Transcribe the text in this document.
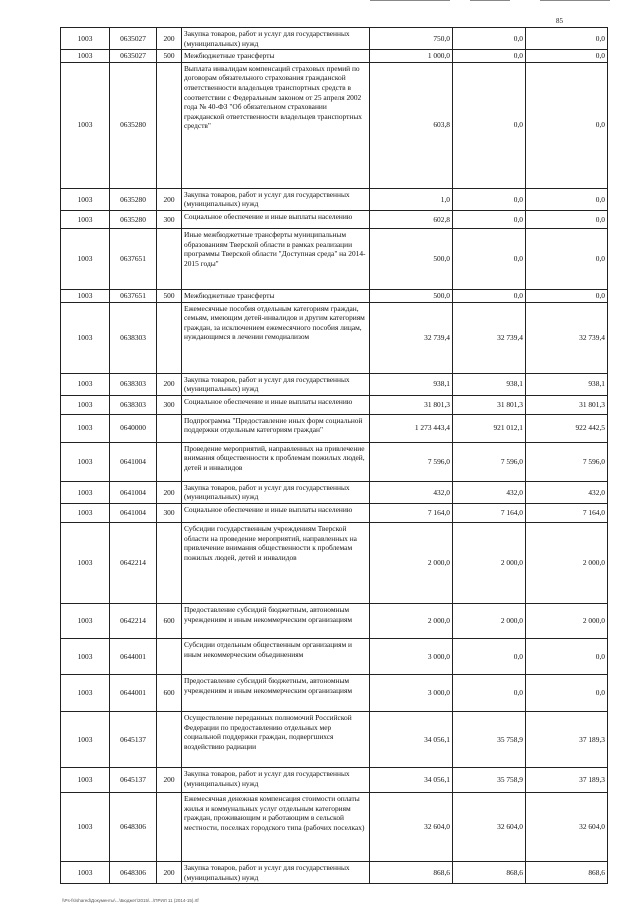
85
1003	0635027	200	Закупка товаров, работ и услуг для государственных (муниципальных) нужд	750,0	0,0	0,0
1003	0635027	500	Межбюджетные трансферты	1 000,0	0,0	0,0
1003	0635280		Выплата инвалидам компенсаций страховых премий по договорам обязательного страхования гражданской ответственности владельцев транспортных средств в соответствии с Федеральным законом от 25 апреля 2002 года № 40-ФЗ "Об обязательном страховании гражданской ответственности владельцев транспортных средств"	603,8	0,0	0,0
1003	0635280	200	Закупка товаров, работ и услуг для государственных (муниципальных) нужд	1,0	0,0	0,0
1003	0635280	300	Социальное обеспечение и иные выплаты населению	602,8	0,0	0,0
1003	0637651		Иные межбюджетные трансферты муниципальным образованиям Тверской области в рамках реализации программы Тверской области "Доступная среда" на 2014-2015 годы"	500,0	0,0	0,0
1003	0637651	500	Межбюджетные трансферты	500,0	0,0	0,0
1003	0638303		Ежемесячные пособия отдельным категориям граждан, семьям, имеющим детей-инвалидов и другим категориям граждан, за исключением ежемесячного пособия лицам, нуждающимся в лечении гемодиализом	32 739,4	32 739,4	32 739,4
1003	0638303	200	Закупка товаров, работ и услуг для государственных (муниципальных) нужд	938,1	938,1	938,1
1003	0638303	300	Социальное обеспечение и иные выплаты населению	31 801,3	31 801,3	31 801,3
1003	0640000		Подпрограмма "Предоставление иных форм социальной поддержки отдельным категориям граждан"	1 273 443,4	921 012,1	922 442,5
1003	0641004		Проведение мероприятий, направленных на привлечение внимания общественности к проблемам пожилых людей, детей и инвалидов	7 596,0	7 596,0	7 596,0
1003	0641004	200	Закупка товаров, работ и услуг для государственных (муниципальных) нужд	432,0	432,0	432,0
1003	0641004	300	Социальное обеспечение и иные выплаты населению	7 164,0	7 164,0	7 164,0
1003	0642214		Субсидии государственным учреждениям Тверской области на проведение мероприятий, направленных на привлечение внимания общественности к проблемам пожилых людей, детей и инвалидов	2 000,0	2 000,0	2 000,0
1003	0642214	600	Предоставление субсидий бюджетным, автономным учреждениям и иным некоммерческим организациям	2 000,0	2 000,0	2 000,0
1003	0644001		Субсидии отдельным общественным организациям и иным некоммерческим объединениям	3 000,0	0,0	0,0
1003	0644001	600	Предоставление субсидий бюджетным, автономным учреждениям и иным некоммерческим организациям	3 000,0	0,0	0,0
1003	0645137		Осуществление переданных полномочий Российской Федерации по предоставлению отдельных мер социальной поддержки граждан, подвергшихся воздействию радиации	34 056,1	35 758,9	37 189,3
1003	0645137	200	Закупка товаров, работ и услуг для государственных (муниципальных) нужд	34 056,1	35 758,9	37 189,3
1003	0648306		Ежемесячная денежная компенсация стоимости оплаты жилья и коммунальных услуг отдельным категориям граждан, проживающим и работающим в сельской местности, поселках городского типа (рабочих поселках)	32 604,0	32 604,0	32 604,0
1003	0648306	200	Закупка товаров, работ и услуг для государственных (муниципальных) нужд	868,6	868,6	868,6
\\Ps-fs\shared\Документы\...\Бюджет\2015\...\ПРИЛ 11 (2014-15).rtf
